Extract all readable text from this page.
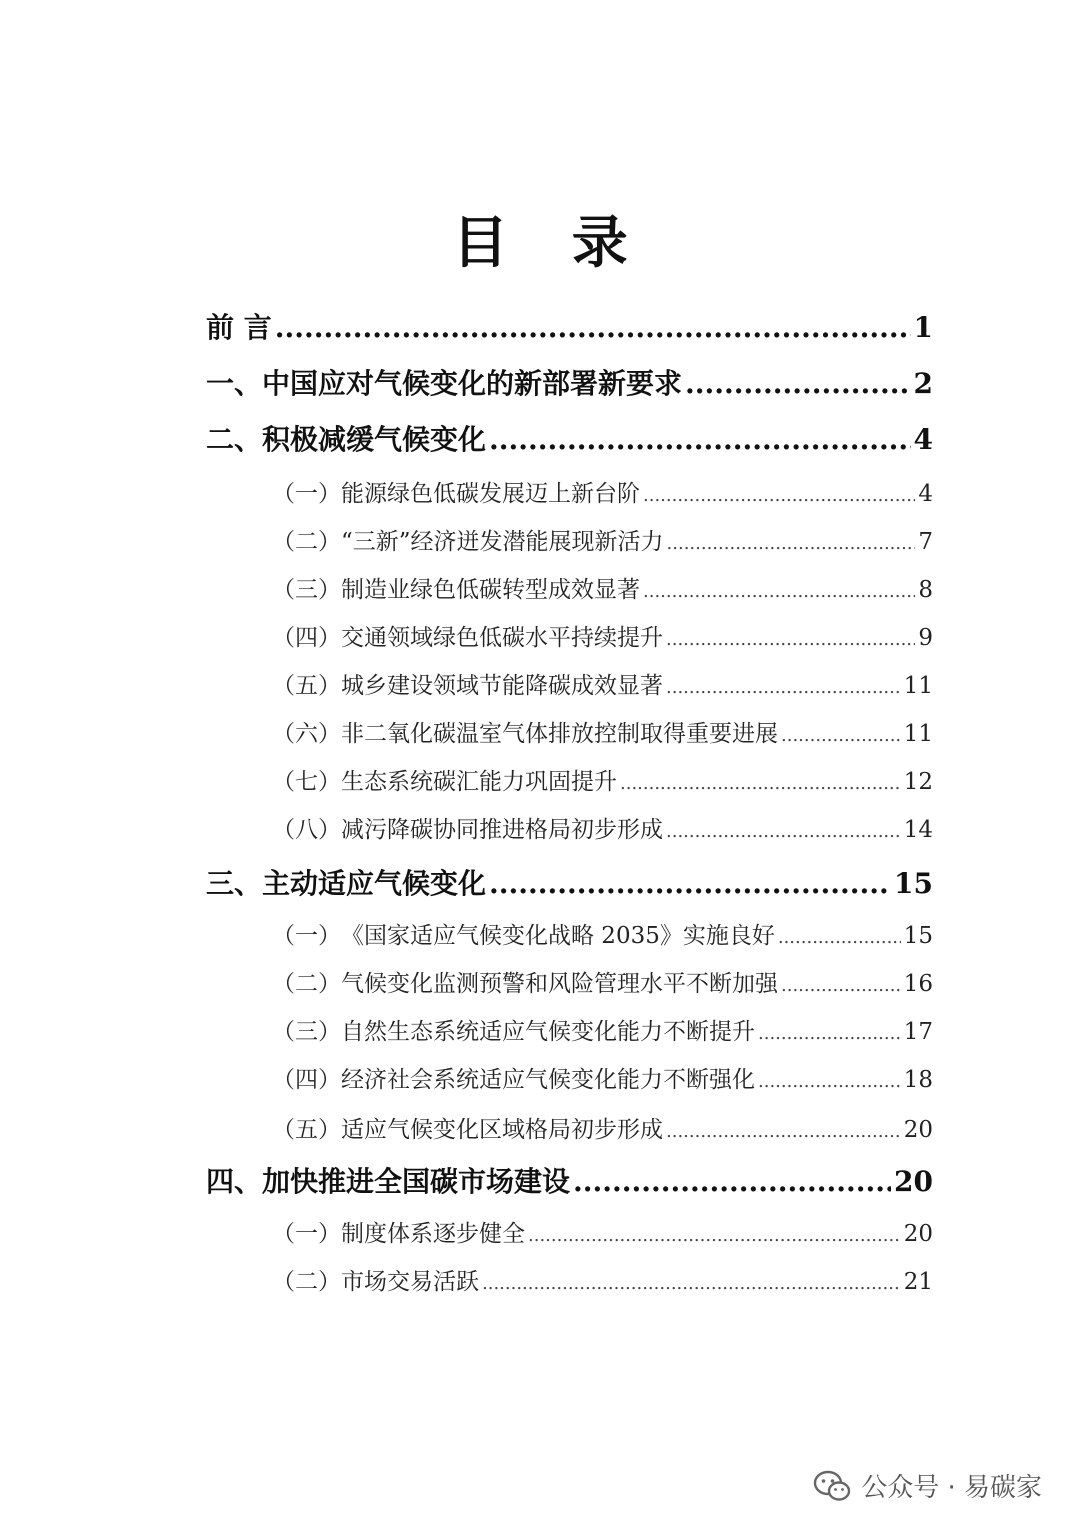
目 录
前 言 .....	1
一、中国应对气候变化的新部署新要求 .....	2
二、积极减缓气候变化 .....	4
（一） 能源绿色低碳发展迈上新台阶 .....	4
（二） “三新”经济迸发潜能展现新活力 .....	7
（三） 制造业绿色低碳转型成效显著 .....	8
（四） 交通领域绿色低碳水平持续提升 .....	9
（五） 城乡建设领域节能降碳成效显著 .....	11
（六） 非二氧化碳温室气体排放控制取得重要进展 .....	11
（七） 生态系统碳汇能力巩固提升 .....	12
（八） 减污降碳协同推进格局初步形成 .....	14
三、主动适应气候变化 .....	15
（一） 《国家适应气候变化战略 2035》实施良好 .....	15
（二） 气候变化监测预警和风险管理水平不断加强 .....	16
（三） 自然生态系统适应气候变化能力不断提升 .....	17
（四） 经济社会系统适应气候变化能力不断强化 .....	18
（五） 适应气候变化区域格局初步形成 .....	20
四、加快推进全国碳市场建设 .....	20
（一） 制度体系逐步健全 .....	20
（二） 市场交易活跃 .....	21
公众号 · 易碳家
